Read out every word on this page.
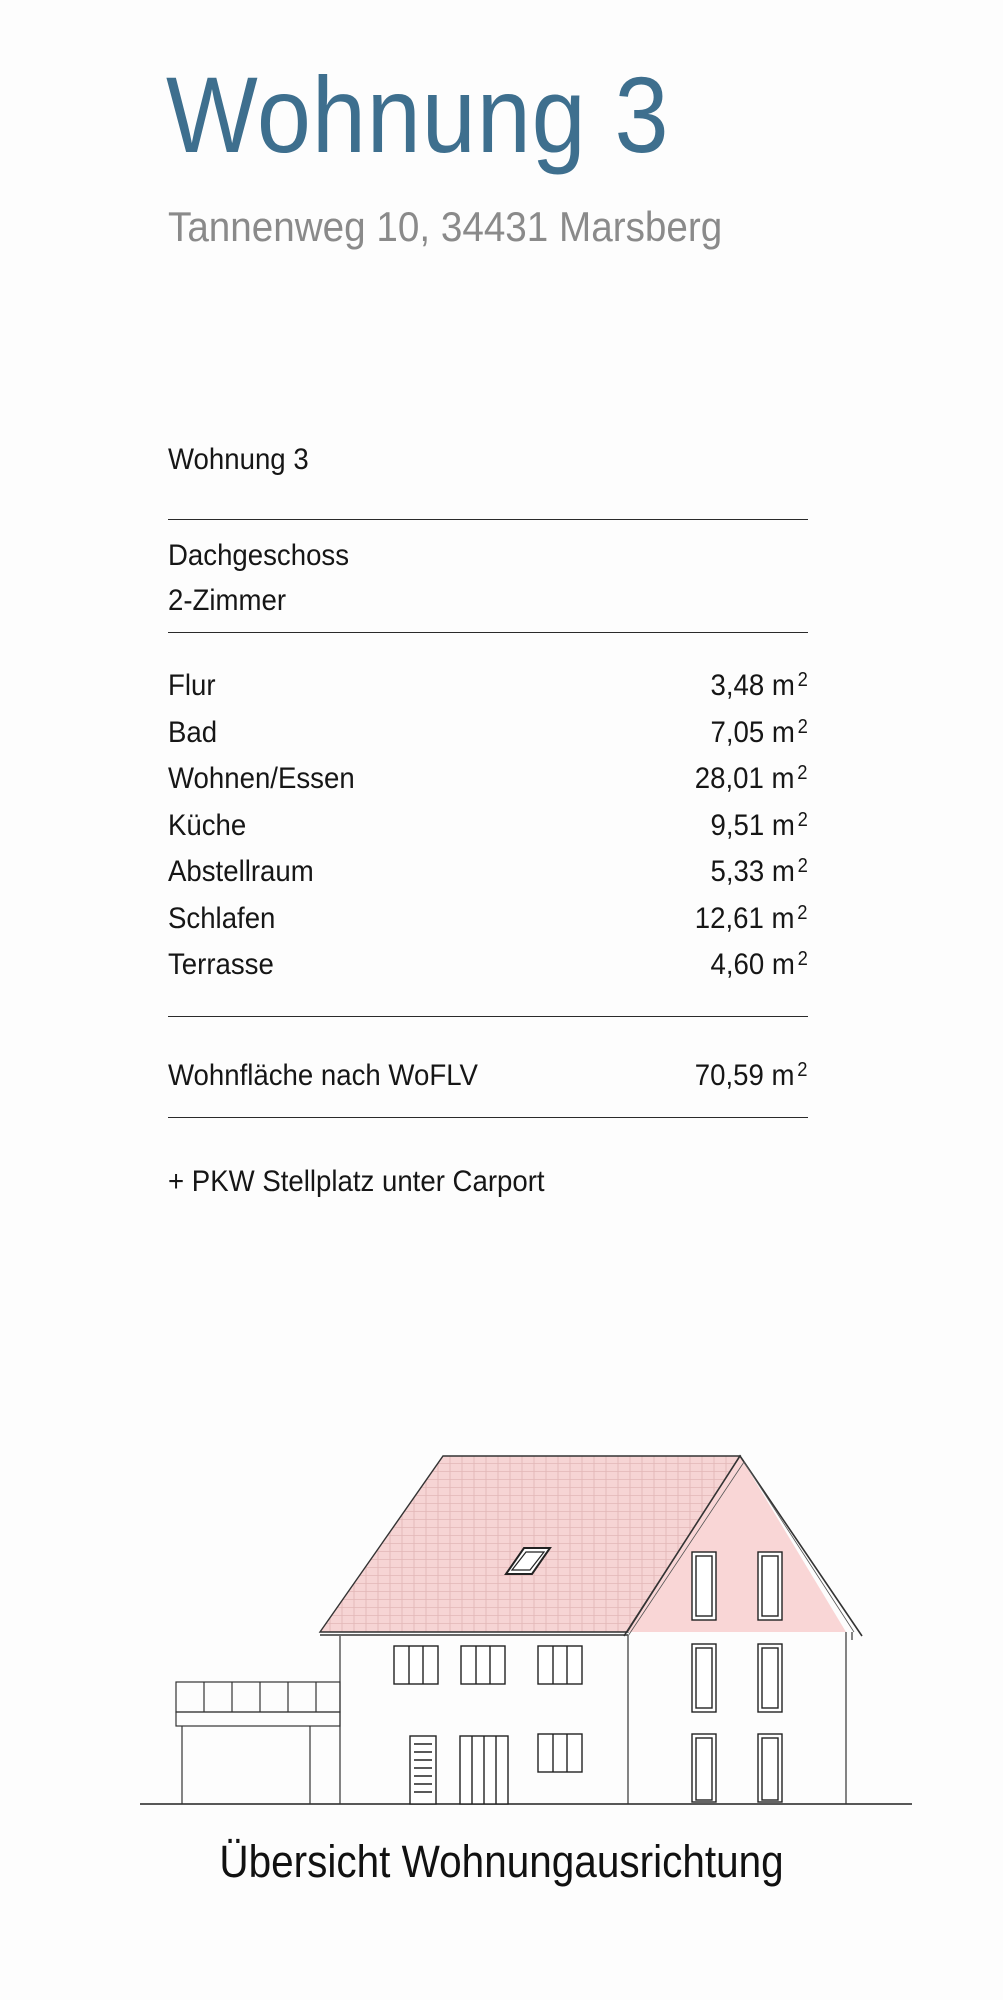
Wohnung 3
Tannenweg 10, 34431 Marsberg
Wohnung 3
Dachgeschoss
2-Zimmer
Flur	3,48 m $^2$
Bad	7,05 m $^2$
Wohnen/Essen	28,01 m $^2$
Küche	9,51 m $^2$
Abstellraum	5,33 m $^2$
Schlafen	12,61 m $^2$
Terrasse	4,60 m $^2$
Wohnfläche nach WoFLV	70,59 m $^2$
+ PKW Stellplatz unter Carport
Übersicht Wohnungausrichtung
